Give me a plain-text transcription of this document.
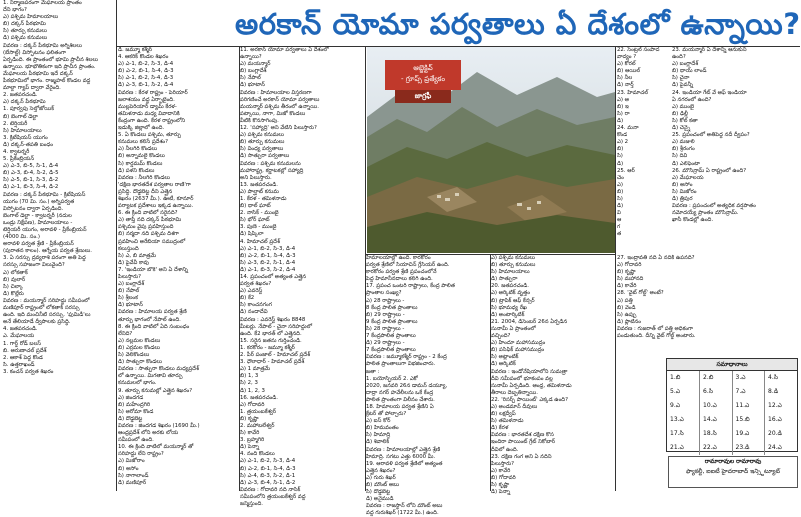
అరకాన్ యోమా పర్వతాలు ఏ దేశంలో ఉన్నాయి?
1. నిర్మాణపరంగా మేఘాలయ ప్రాంతం
దేని భాగం?
ఎ) పశ్చిమ హిమాలయాలు
బి) దక్కన్ పీఠభూమి
సి) తూర్పు కనుమలు
డి) పశ్చిమ కనుమలు
వివరణ : దక్కన్ పీఠభూమి అగ్నిశిలలు
(బేసాల్ట్) విస్ఫోటనం ఫలితంగా
ఏర్పడింది. ఈ ప్రాంతంలో భూమి ప్రాచీన శిలలు
ఉన్నాయి. భూభౌతికంగా ఇది ప్రాచీన ప్రాంతం.
మేఘాలయ పీఠభూమి ఇదే దక్కన్
పీఠభూమిలో భాగం. రాజ్మహల్ కొండల వద్ద
మాల్దా గ్యాప్ ద్వారా వేరైంది.
2. జతపరచండి.
ఎ) దక్కన్ పీఠభూమి
1. పూర్వపు సెల్తోజోయిక్
బి) బెంగాల్ డెల్టా
2. టెర్షియరీ
సి) హిమాలయాలు
3. క్రిటేషియస్ యుగం
డి) దక్కన్-తపతి బంధం
4. క్వాటర్నరీ
5. ప్రీకేంబ్రియన్
ఎ) ఎ-3, బి-5, సి-1, డి-4
బి) ఎ-3, బి-4, సి-2, డి-5
సి) ఎ-5, బి-1, సి-3, డి-2
డి) ఎ-1, బి-3, సి-4, డి-2
వివరణ : దక్కన్ పీఠభూమి - క్రిటేషియస్
యుగం (70 మి. సం.) అగ్నిపర్వత
విస్ఫోటనం ద్వారా ఏర్పడింది.
బెంగాల్ డెల్టా - క్వాటర్నరీ (నదుల
ఒండ్రు నిక్షేపణ), హిమాలయాలు -
టెర్షియరీ యుగం, అరావళి - ప్రీకేంబ్రియన్
(4000 మి. సం.)
అరావళి పర్వత శ్రేణి - ప్రీకేంబ్రియన్
(పురాతన కాలం). ఆగ్నేయ పర్వత శ్రేణులు.
3. ఏ సరస్సు ద్రవ్యరాశి పరంగా అతి పెద్ద
సరస్సు సహజంగా విలువైంది?
ఎ) లోకతాక్
బి) వులార్
సి) చిల్కా
డి) కొల్లేరు
వివరణ : మయన్మార్ సరిహద్దు సమీపంలో
మణిపూర్ రాష్ట్రంలో లోకతాక్ సరస్సు
ఉంది. ఇది మంచినీటి సరస్సు. 'ఫుమిడీ'లు
అనే తేలియాడే ద్వీపాలకు ప్రసిద్ధి.
4. జతపరచండి.
ఎ. మేఘాలయ
1. గార్డ్ రోడ్ బలస్
బి. అరుణాచల్ ప్రదేశ్
2. ఆకాశ్ పెద్ద కొండ
సి. ఉత్తరాఖండ్
3. కంచన్ పర్వత శిఖరం
డి. జమ్మూ కశ్మీర్
4. ఆకరిక్ కొండల శిఖరం
ఎ) ఎ-1, బి-2, సి-3, డి-4
బి) ఎ-2, బి-1, సి-4, డి-3
సి) ఎ-1, బి-2, సి-4, డి-3
డి) ఎ-3, బి-1, సి-2, డి-4
వివరణ : కేరళ రాష్ట్రం - పెరియార్
జలాశయం వద్ద ఏర్పాటైంది.
ముల్లపెరియార్ డ్యామ్ కేరళ-
తమిళనాడు మధ్య వివాదానికి
కేంద్రంగా ఉంది. కేరళ రాష్ట్రంలోని
ఇడుక్కి జిల్లాలో ఉంది.
5. ఏ కొండలు పశ్చిమ, తూర్పు
కనుమలు కలిసే ప్రదేశం?
ఎ) నీలగిరి కొండలు
బి) అన్నామలై కొండలు
సి) కార్డమమ్ కొండలు
డి) పళని కొండలు
వివరణ : నీలగిరి కొండలు
'దక్షిణ భారతదేశ పర్వతాల రాణి'గా
ప్రసిద్ధి. దొడ్డబెట్ట దీని ఎత్తైన
శిఖరం (2637 మీ.). ఊటీ, కూనూర్
పర్యాటక ప్రదేశాలు ఇక్కడ ఉన్నాయి.
6. ఈ క్రింది వాటిలో సరైనది?
ఎ) తాప్తీ నది దక్కన్ పీఠభూమి
పశ్చిమం వైపు ప్రవహిస్తుంది
బి) నర్మదా నది పశ్చిమ దిశగా
ప్రవహించి అరేబియా సముద్రంలో
కలుస్తుంది
సి) ఎ, బి మాత్రమే
డి) పైవేవీ కావు
7. 'ఇండియా బొకె' అని ఏ దేశాన్ని
పిలుస్తారు?
ఎ) బంగ్లాదేశ్
బి) నేపాల్
సి) శ్రీలంక
డి) భూటాన్
వివరణ : హిమాలయ పర్వత శ్రేణి
తూర్పు భాగంలో నేపాల్ ఉంది.
8. ఈ క్రింది వాటిలో ఏది సంబంధం
లేనిది?
ఎ) నల్లమల కొండలు
బి) ఎర్రమల కొండలు
సి) వెలికొండలు
డి) సాత్పురా కొండలు
వివరణ : సాత్పురా కొండలు మధ్యప్రదేశ్
లో ఉన్నాయి. మిగతావి తూర్పు
కనుమలలో భాగం.
9. తూర్పు కనుమల్లో ఎత్తైన శిఖరం?
ఎ) జిందగడ
బి) మహేంద్రగిరి
సి) అరోమా కొండ
డి) దొడ్డబెట్ట
వివరణ : జిందగడ శిఖరం (1690 మీ.)
ఆంధ్రప్రదేశ్ లోని అరకు లోయ
సమీపంలో ఉంది.
10. ఈ క్రింది వాటిలో మయన్మార్ తో
సరిహద్దు లేని రాష్ట్రం?
ఎ) మిజోరాం
బి) అసోం
సి) నాగాలాండ్
డి) మణిపూర్
11. అరకాన్ యోమా పర్వతాలు ఏ దేశంలో
ఉన్నాయి?
ఎ) మయన్మార్
బి) బంగ్లాదేశ్
సి) నేపాల్
డి) భూటాన్
వివరణ : హిమాలయాల విస్తరణగా
పరిగణించే అరకాన్ యోమా పర్వతాలు
మయన్మార్ పశ్చిమ తీరంలో ఉన్నాయి.
పట్కాయి, నాగా, మిజో కొండలు
వీటికి కొనసాగింపు.
12. 'సహ్యాద్రి' అని వేటిని పిలుస్తారు?
ఎ) పశ్చిమ కనుమలు
బి) తూర్పు కనుమలు
సి) వింధ్య పర్వతాలు
డి) సాత్పురా పర్వతాలు
వివరణ : పశ్చిమ కనుమలను
మహారాష్ట్ర, కర్ణాటకల్లో సహ్యాద్రి
అని పిలుస్తారు.
13. జతపరచండి.
ఎ) పాల్ఘాట్ కనుమ
1. కేరళ - తమిళనాడు
బి) థాల్ ఘాట్
2. నాసిక్ - ముంబై
సి) భోర్ ఘాట్
3. పుణె - ముంబై
డి) షిప్కిలా
4. హిమాచల్ ప్రదేశ్
ఎ) ఎ-1, బి-2, సి-3, డి-4
బి) ఎ-2, బి-1, సి-4, డి-3
సి) ఎ-3, బి-2, సి-1, డి-4
డి) ఎ-1, బి-3, సి-2, డి-4
14. ప్రపంచంలో అత్యంత ఎత్తైన
పర్వత శిఖరం?
ఎ) ఎవరెస్ట్
బి) కే2
సి) కాంచనగంగ
డి) నందాదేవి
వివరణ : ఎవరెస్ట్ శిఖరం 8848
మీటర్లు. నేపాల్ - చైనా సరిహద్దులో
ఉంది. కే2 భారత్ లో ఎత్తైనది.
15. సరైన జతను గుర్తించండి.
1. కరకోరం - జమ్మూ కశ్మీర్
2. పీర్ పంజాల్ - హిమాచల్ ప్రదేశ్
3. ధౌలాధార్ - హిమాచల్ ప్రదేశ్
ఎ) 1 మాత్రమే
బి) 1, 3
సి) 2, 3
డి) 1, 2, 3
16. జతపరచండి.
ఎ) గోదావరి
1. త్రయంబకేశ్వర్
బి) కృష్ణా
2. మహాబలేశ్వర్
సి) కావేరి
3. బ్రహ్మగిరి
డి) పెన్నా
4. నంది కొండలు
ఎ) ఎ-1, బి-2, సి-3, డి-4
బి) ఎ-2, బి-1, సి-4, డి-3
సి) ఎ-4, బి-3, సి-2, డి-1
డి) ఎ-3, బి-4, సి-1, డి-2
వివరణ : గోదావరి నది నాసిక్
సమీపంలోని త్రయంబకేశ్వర్ వద్ద
జన్మిస్తుంది.
ఆబ్జెక్టివ్
- గ్రూప్స్ ప్రత్యేకం
జాగ్రఫీ
హిమాలయాల్లో ఉంది. కారకోరం
పర్వత శ్రేణిలో సియాచిన్ గ్లేసియర్ ఉంది.
కారకోరం పర్వత శ్రేణి ప్రపంచంలోనే
పెద్ద హిమానీనదాలు కలిగి ఉంది.
17. ప్రపంచ ఒంటరి రాష్ట్రాలు, కేంద్ర పాలిత
ప్రాంతాల సంఖ్య?
ఎ) 28 రాష్ట్రాలు -
8 కేంద్ర పాలిత ప్రాంతాలు
బి) 29 రాష్ట్రాలు -
9 కేంద్ర పాలిత ప్రాంతాలు
సి) 28 రాష్ట్రాలు -
7 కేంద్రపాలిత ప్రాంతాలు
డి) 29 రాష్ట్రాలు -
7 కేంద్రపాలిత ప్రాంతాలు
వివరణ : జమ్మూకశ్మీర్ రాష్ట్రం - 2 కేంద్ర
పాలిత ప్రాంతాలుగా విభజించారు.
జతా :
1. బయోస్ఫియర్ 2. ఎకో
2020, జనవరి 26న డామన్ డయ్యూ,
దాద్రా నగర్ హవేలీలను ఒకే కేంద్ర
పాలిత ప్రాంతంగా విలీనం చేశారు.
18. హిమాలయ పర్వత శ్రేణిని ఏ
క్రేటర్ తో పోల్చారు?
ఎ) ఐస్ కోర్
బి) హిమవంతం
సి) హిమాద్రి
డి) శివాలిక్
వివరణ : హిమాలయాల్లో ఎత్తైన శ్రేణి
హిమాద్రి. సగటు ఎత్తు 6000 మీ.
19. ఆరావళి పర్వత శ్రేణిలో అత్యంత
ఎత్తైన శిఖరం?
ఎ) గురు శిఖర్
బి) మౌంట్ అబు
సి) దొడ్డబెట్ట
డి) అనైముడి
వివరణ : రాజస్థాన్ లోని మౌంట్ అబు
వద్ద గురుశిఖర్ (1722 మీ.) ఉంది.
ఎ) పశ్చిమ కనుమలు
బి) తూర్పు కనుమలు
సి) హిమాలయాలు
డి) సాత్పురా
20. జతపరచండి.
ఎ) ఆర్కిటిక్ వృత్తం
బి) ట్రాపిక్ ఆఫ్ కేన్సర్
సి) భూమధ్య రేఖ
డి) అంటార్కిటిక్
21. 2004, డిసెంబర్ 26న ఏర్పడిన
సునామీ ఏ ప్రాంతంలో
వచ్చింది?
ఎ) హిందూ మహాసముద్రం
బి) పసిఫిక్ మహాసముద్రం
సి) అట్లాంటిక్
డి) ఆర్కిటిక్
వివరణ : ఇండోనేషియాలోని సుమత్రా
దీవి సమీపంలో భూకంపం వల్ల
సునామీ ఏర్పడింది. ఆంధ్ర, తమిళనాడు
తీరాలు దెబ్బతిన్నాయి.
22. 'రిసర్చ్ పాయింట్' ఎక్కడ ఉంది?
ఎ) అండమాన్ దీవులు
బి) లక్షద్వీప్
సి) తమిళనాడు
డి) కేరళ
వివరణ : భారతదేశ దక్షిణ కొస
ఇందిరా పాయింట్ గ్రేట్ నికోబార్
దీవిలో ఉంది.
23. దక్షిణ గంగ అని ఏ నదిని
పిలుస్తారు?
ఎ) కావేరి
బి) గోదావరి
సి) కృష్ణా
డి) పెన్నా
22. సెంట్రల్ సంపాద
వాద్యం ?
ఎ) కోరల్
బి) ఆయిల్
సి) నీల
డి) నార్త్
23. హిమాచల్
ఎ) ఆ
బి) ఇ
సి) రా
డి)
24. మనా
కొండ
ఎ) 2
బి)
సి)
డి)
25. ఆర్
చెం
ఎ)
బి)
సి)
డి)
వి
ఆ
గ
త
23. మయన్మార్ ఏ దేశాన్ని ఆనుకుని
ఉంది?
ఎ) బంగ్లాదేశ్
బి) థాయ్ లాండ్
సి) చైనా
డి) పైవన్నీ
24. ఇండియా గేట్ వే ఆఫ్ ఇండియా
ఏ నగరంలో ఉంది?
ఎ) ముంబై
బి) ఢిల్లీ
సి) కోల్ కతా
డి) చెన్నై
25. ప్రపంచంలో అతిపెద్ద నదీ ద్వీపం?
ఎ) మజులి
బి) శ్రీరంగం
సి) దివి
డి) ఎలిఫెంటా
26. మౌసిన్రామ్ ఏ రాష్ట్రంలో ఉంది?
ఎ) మేఘాలయ
బి) అసోం
సి) మిజోరం
డి) త్రిపుర
వివరణ : ప్రపంచంలో అత్యధిక వర్షపాతం
నమోదయ్యే ప్రాంతం మౌసిన్రామ్.
ఖాసీ కొండల్లో ఉంది.
27. ఇంద్రావతి నది ఏ నదికి ఉపనది?
ఎ) గోదావరి
బి) కృష్ణా
సి) మహానది
డి) కావేరి
28. 'వైట్ గోల్డ్' అంటే?
ఎ) పత్తి
బి) వెండి
సి) ఉప్పు
డి) ప్లాటినం
వివరణ : గుజరాత్ లో పత్తి అధికంగా
పండుతుంది. దీన్ని వైట్ గోల్డ్ అంటారు.
సమాధానాలు
1.బి	2.బి	3.ఎ	4.సి
5.ఎ	6.సి	7.ఎ	8.డి
9.ఎ	10.ఎ	11.ఎ	12.ఎ
13.ఎ	14.ఎ	15.బి	16.ఎ
17.సి	18.సి	19.ఎ	20.డి
21.ఎ	22.ఎ	23.డి	24.ఎ
రామారావుల రామారావు
ఫ్యాకల్టీ, ఐఐటీ హైదరాబాద్ ఇన్స్టిట్యూట్
